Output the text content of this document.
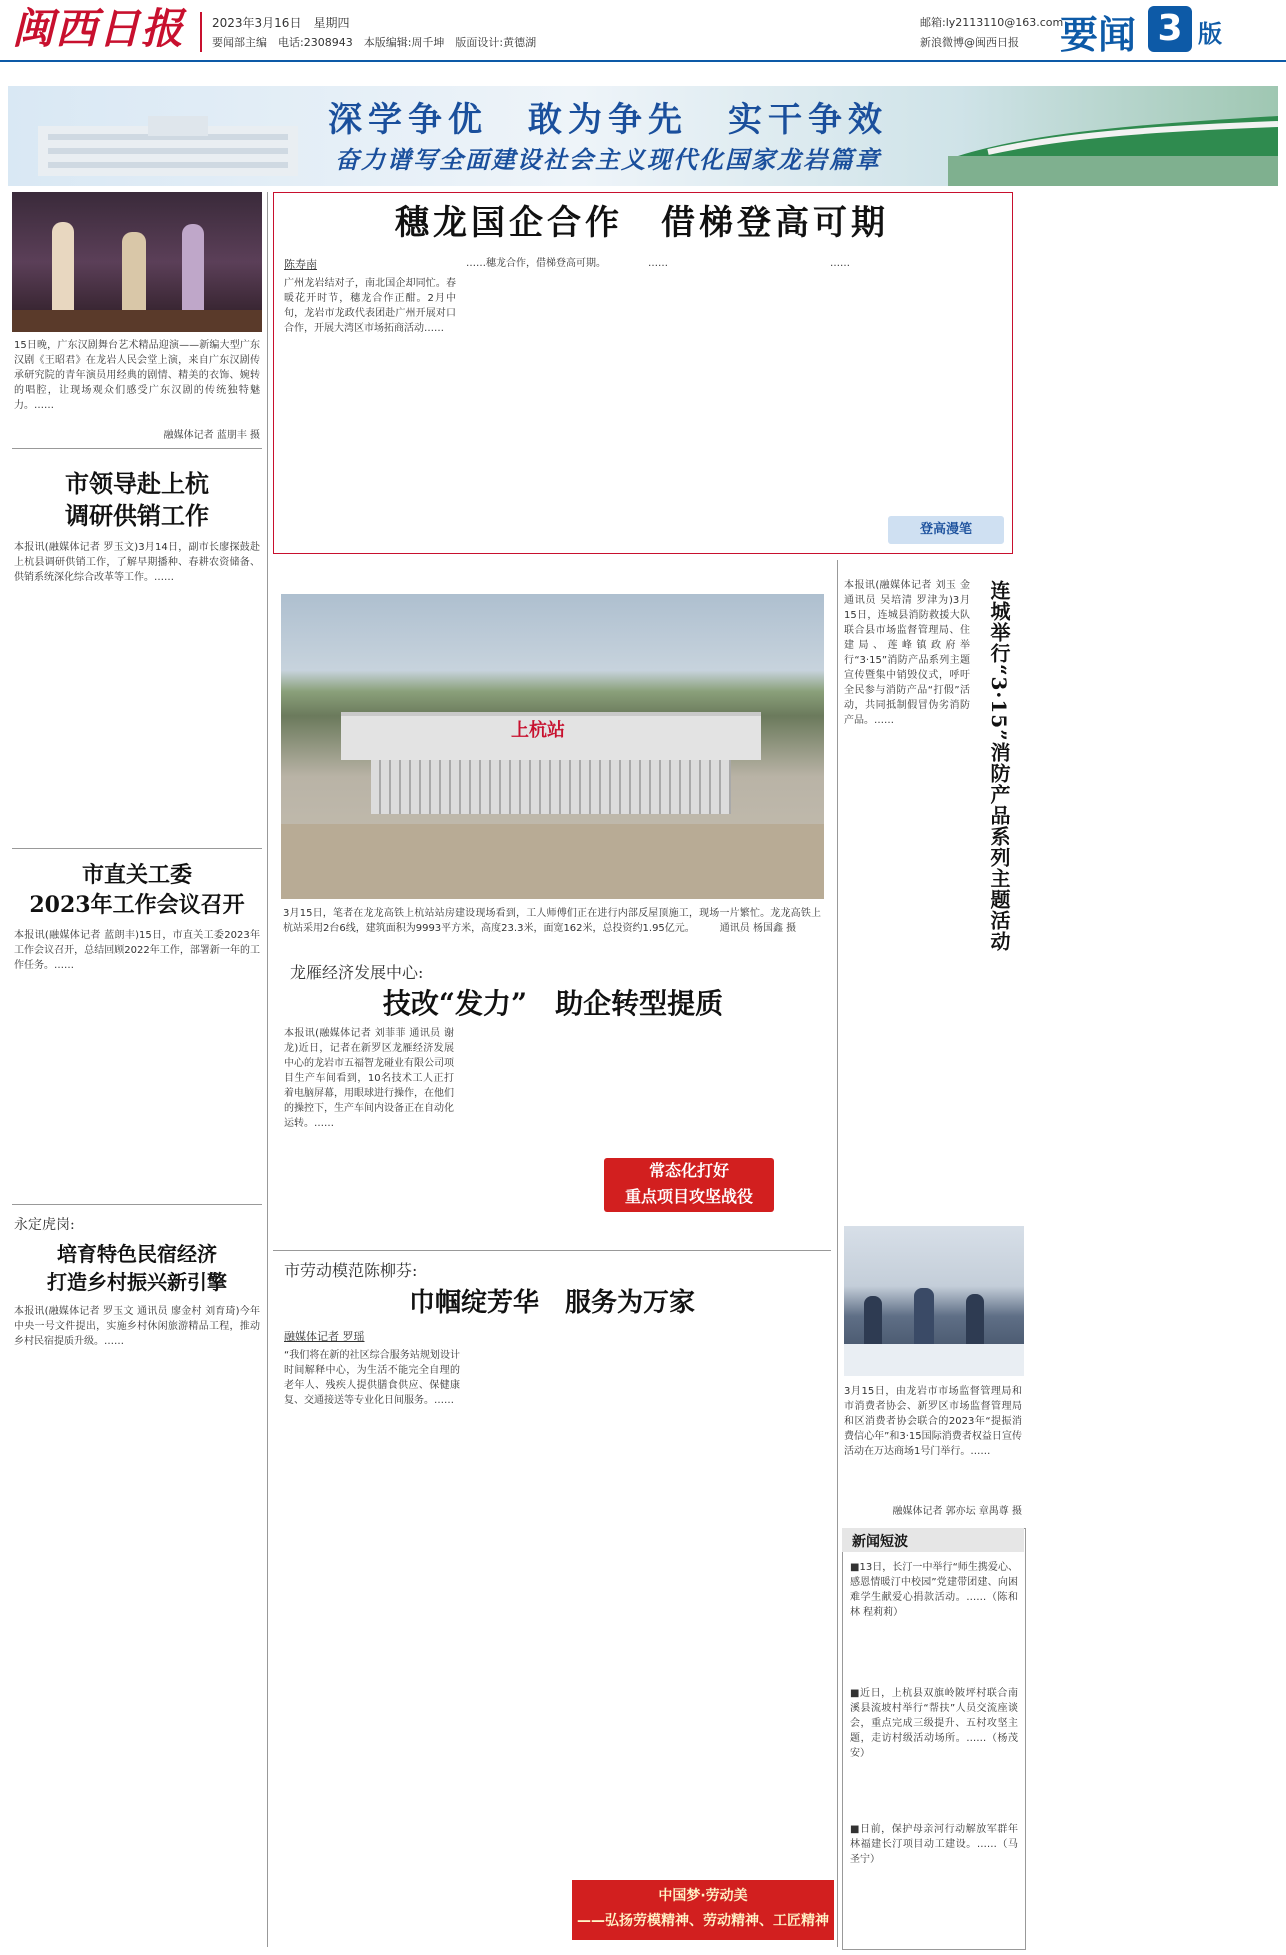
闽西日报	2023年3月16日　星期四
要闻部主编　电话:2308943　本版编辑:周千坤　版面设计:黄德湖
邮箱:ly2113110@163.com
新浪微博@闽西日报 要闻 3 版
深学争优　敢为争先　实干争效
奋力谱写全面建设社会主义现代化国家龙岩篇章
15日晚，广东汉剧舞台艺术精品迎演——新编大型广东汉剧《王昭君》在龙岩人民会堂上演，来自广东汉剧传承研究院的青年演员用经典的剧情、精美的衣饰、婉转的唱腔，让现场观众们感受广东汉剧的传统独特魅力。……
融媒体记者 蓝朋丰 摄
市领导赴上杭
调研供销工作
本报讯(融媒体记者 罗玉文)3月14日，副市长廖探鼓赴上杭县调研供销工作，了解早期播种、春耕农资储备、供销系统深化综合改革等工作。……
市直关工委
2023年工作会议召开
本报讯(融媒体记者 蓝朗丰)15日，市直关工委2023年工作会议召开，总结回顾2022年工作，部署新一年的工作任务。……
永定虎岗:
培育特色民宿经济
打造乡村振兴新引擎
本报讯(融媒体记者 罗玉文 通讯员 廖金村 刘育琦)今年中央一号文件提出，实施乡村休闲旅游精品工程，推动乡村民宿提质升级。……
穗龙国企合作　借梯登高可期
陈寿南
广州龙岩结对子，南北国企却同忙。春暖花开时节，穗龙合作正酣。2月中旬，龙岩市龙政代表团赴广州开展对口合作，开展大湾区市场拓商活动……
……穗龙合作，借梯登高可期。	……	……
登高漫笔
上杭站
3月15日，笔者在龙龙高铁上杭站站房建设现场看到，工人师傅们正在进行内部反屋顶施工，现场一片繁忙。龙龙高铁上杭站采用2台6线，建筑面积为9993平方米，高度23.3米，面宽162米，总投资约1.95亿元。　　　通讯员 杨国鑫 摄
龙雁经济发展中心:
技改“发力”　助企转型提质
本报讯(融媒体记者 刘菲菲 通讯员 谢龙)近日，记者在新罗区龙雁经济发展中心的龙岩市五福智龙碰业有限公司项目生产车间看到，10名技术工人正打着电脑屏幕，用眼球进行操作，在他们的操控下，生产车间内设备正在自动化运转。……
常态化打好
重点项目攻坚战役
市劳动模范陈柳芬:
巾帼绽芳华　服务为万家
融媒体记者 罗瑶
“我们将在新的社区综合服务站规划设计时间解释中心，为生活不能完全自理的老年人、残疾人提供膳食供应、保健康复、交通接送等专业化日间服务。……
中国梦·劳动美
——弘扬劳模精神、劳动精神、工匠精神
本报讯(融媒体记者 刘玉 金 通讯员 吴培清 罗津为)3月15日，连城县消防救援大队联合县市场监督管理局、住建局、莲峰镇政府举行“3·15”消防产品系列主题宣传暨集中销毁仪式，呼吁全民参与消防产品“打假”活动，共同抵制假冒伪劣消防产品。……	连城举行“3·15”消防产品系列主题活动
3月15日，由龙岩市市场监督管理局和市消费者协会、新罗区市场监督管理局和区消费者协会联合的2023年“提振消费信心年”和3·15国际消费者权益日宣传活动在万达商场1号门举行。……
融媒体记者 郭亦坛 章禺尊 摄
新闻短波
■13日，长汀一中举行“师生携爱心、感恩情暖汀中校园”党建带团建、向困难学生献爱心捐款活动。……（陈和林 程莉莉）
■近日，上杭县双旗岭陂坪村联合南溪县流坡村举行“帮扶”人员交流座谈会，重点完成三级提升、五村攻坚主题，走访村级活动场所。……（杨茂安）
■日前，保护母亲河行动解放军群年林福建长汀项目动工建设。……（马圣宁）
